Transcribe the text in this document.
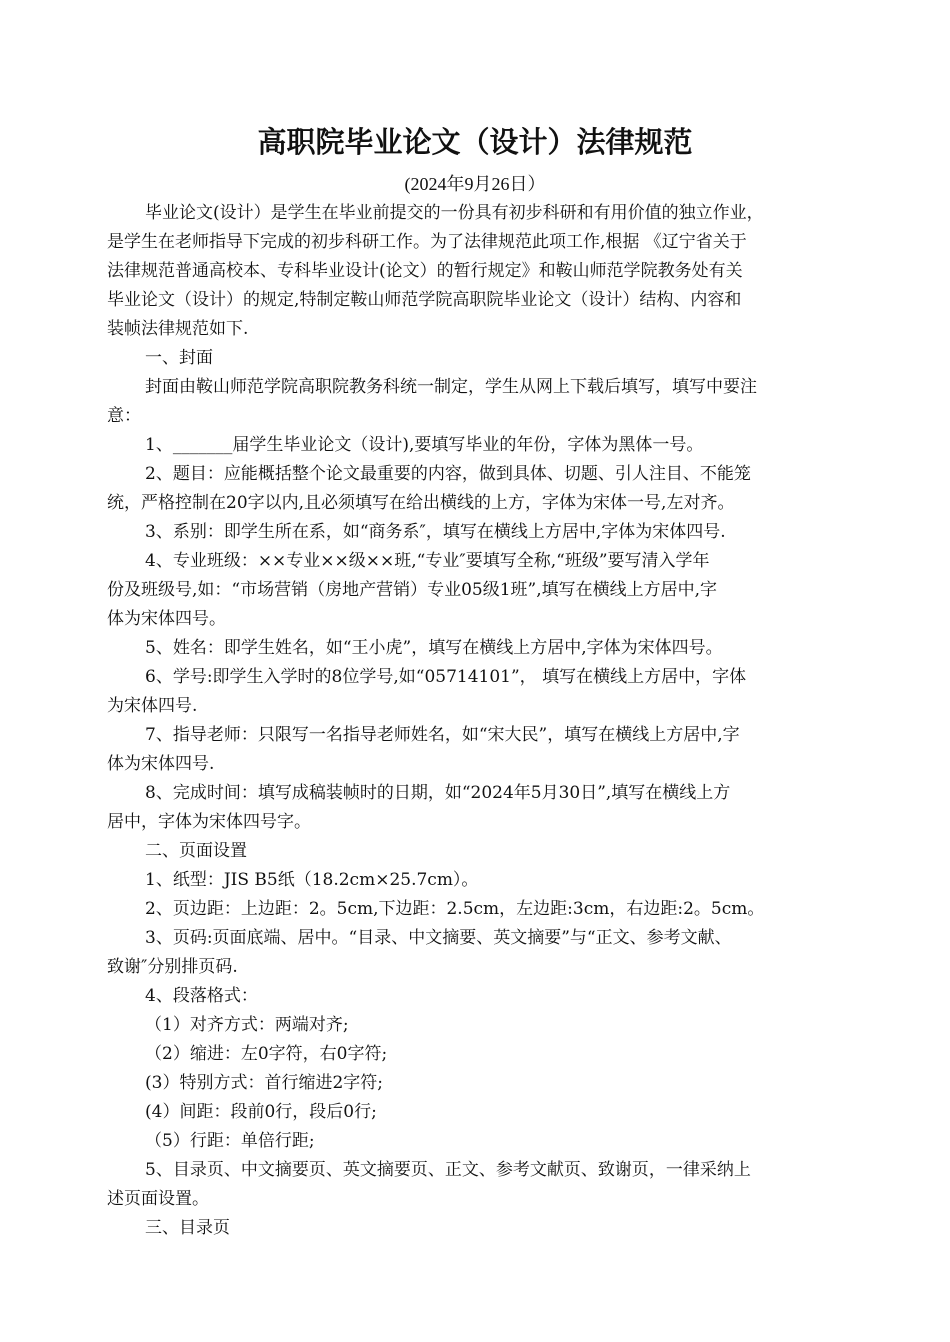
高职院毕业论文（设计）法律规范
(2024年9月26日）
毕业论文(设计）是学生在毕业前提交的一份具有初步科研和有用价值的独立作业，
是学生在老师指导下完成的初步科研工作。为了法律规范此项工作,根据 《辽宁省关于
法律规范普通高校本、专科毕业设计(论文）的暂行规定》和鞍山师范学院教务处有关
毕业论文（设计）的规定,特制定鞍山师范学院高职院毕业论文（设计）结构、内容和
装帧法律规范如下.
一、封面
封面由鞍山师范学院高职院教务科统一制定，学生从网上下载后填写，填写中要注
意：
1、_______届学生毕业论文（设计),要填写毕业的年份，字体为黑体一号。
2、题目：应能概括整个论文最重要的内容，做到具体、切题、引人注目、不能笼
统，严格控制在20字以内,且必须填写在给出横线的上方，字体为宋体一号,左对齐。
3、系别：即学生所在系，如“商务系″，填写在横线上方居中,字体为宋体四号.
4、专业班级：××专业××级××班,“专业″要填写全称,“班级”要写清入学年
份及班级号,如：“市场营销（房地产营销）专业05级1班”,填写在横线上方居中,字
体为宋体四号。
5、姓名：即学生姓名，如“王小虎”，填写在横线上方居中,字体为宋体四号。
6、学号:即学生入学时的8位学号,如“05714101”， 填写在横线上方居中，字体
为宋体四号.
7、指导老师：只限写一名指导老师姓名，如“宋大民”，填写在横线上方居中,字
体为宋体四号.
8、完成时间：填写成稿装帧时的日期，如“2024年5月30日”,填写在横线上方
居中，字体为宋体四号字。
二、页面设置
1、纸型：JIS B5纸（18.2cm×25.7cm）。
2、页边距：上边距：2。5cm,下边距：2.5cm，左边距:3cm，右边距:2。5cm。
3、页码:页面底端、居中。“目录、中文摘要、英文摘要”与“正文、参考文献、
致谢″分别排页码.
4、段落格式：
（1）对齐方式：两端对齐;
（2）缩进：左0字符，右0字符;
(3）特别方式：首行缩进2字符;
(4）间距：段前0行，段后0行;
（5）行距：单倍行距;
5、目录页、中文摘要页、英文摘要页、正文、参考文献页、致谢页，一律采纳上
述页面设置。
三、目录页
